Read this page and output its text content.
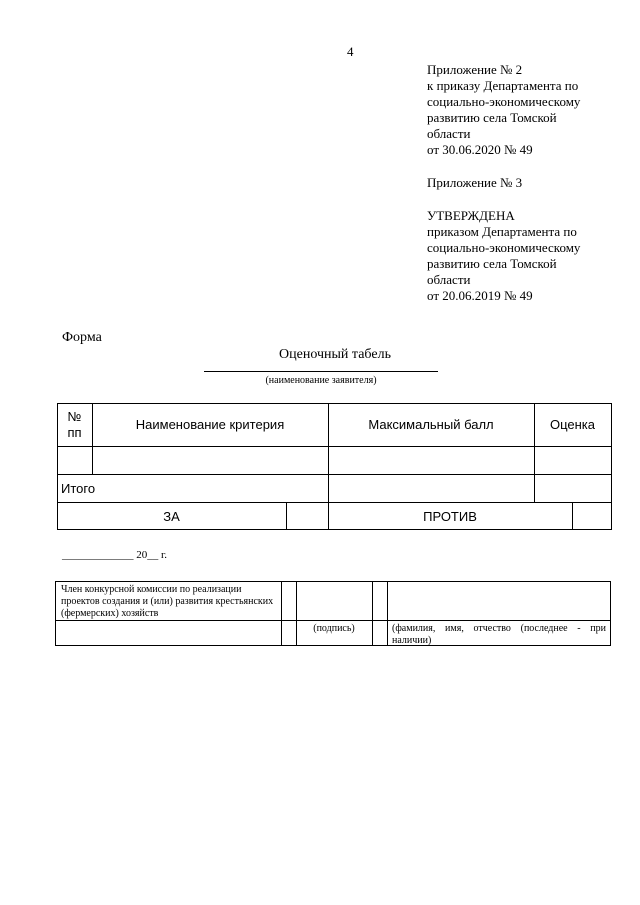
4
Приложение № 2
к приказу Департамента по
социально-экономическому
развитию села Томской
области
от 30.06.2020 № 49
Приложение № 3
УТВЕРЖДЕНА
приказом Департамента по
социально-экономическому
развитию села Томской
области
от 20.06.2019 № 49
Форма
Оценочный табель
(наименование заявителя)
№
пп
Наименование критерия	Максимальный балл	Оценка
Итого
ЗА	ПРОТИВ
_____________ 20__ г.
Член конкурсной комиссии по реализации проектов создания и (или) развития крестьянских (фермерских) хозяйств
(подпись)	(фамилия, имя, отчество (последнее - при наличии)
